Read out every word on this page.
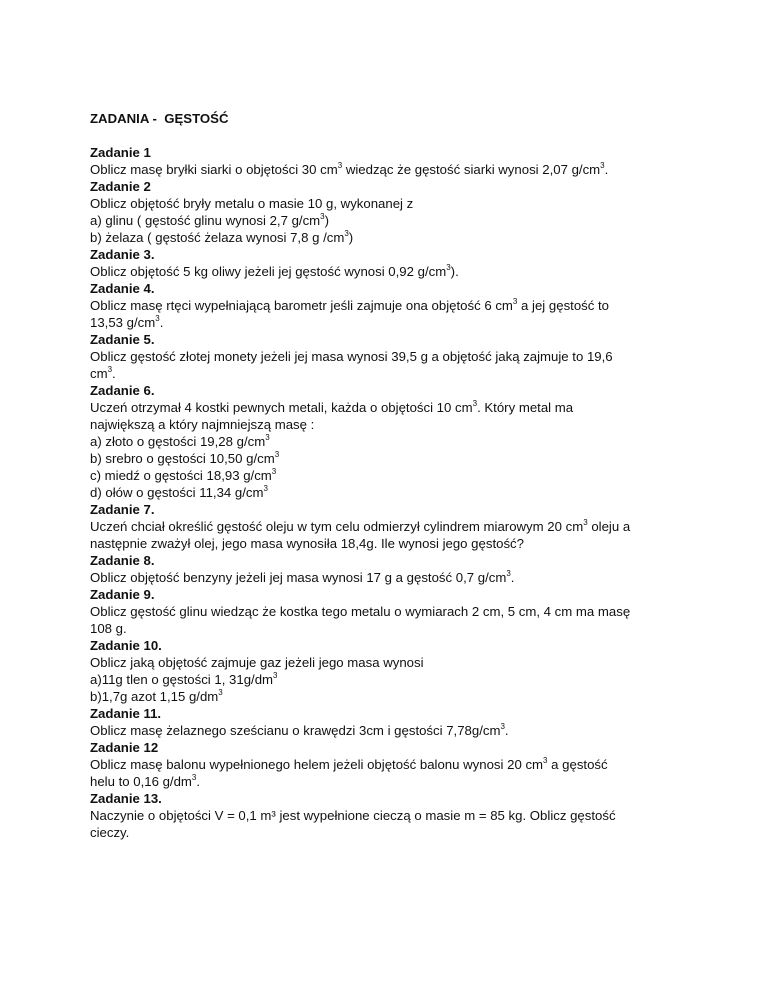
ZADANIA -  GĘSTOŚĆ
Zadanie 1
Oblicz masę bryłki siarki o objętości 30 $cm^3$ wiedząc że gęstość siarki wynosi 2,07 $g/cm^3$.
Zadanie 2
Oblicz objętość bryły metalu o masie 10 g, wykonanej z
a) glinu ( gęstość glinu wynosi 2,7 $g/cm^3$)
b) żelaza ( gęstość żelaza wynosi 7,8 g $/cm^3$)
Zadanie 3.
Oblicz objętość 5 kg oliwy jeżeli jej gęstość wynosi 0,92 $g/cm^3$).
Zadanie 4.
Oblicz masę rtęci wypełniającą barometr jeśli zajmuje ona objętość 6 $cm^3$ a jej gęstość to
13,53 $g/cm^3$.
Zadanie 5.
Oblicz gęstość złotej monety jeżeli jej masa wynosi 39,5 g a objętość jaką zajmuje to 19,6
$cm^3$.
Zadanie 6.
Uczeń otrzymał 4 kostki pewnych metali, każda o objętości 10 $cm^3$. Który metal ma
największą a który najmniejszą masę :
a) złoto o gęstości 19,28 $g/cm^3$
b) srebro o gęstości 10,50 $g/cm^3$
c) miedź o gęstości 18,93 $g/cm^3$
d) ołów o gęstości 11,34 $g/cm^3$
Zadanie 7.
Uczeń chciał określić gęstość oleju w tym celu odmierzył cylindrem miarowym 20 $cm^3$ oleju a
następnie zważył olej, jego masa wynosiła 18,4g. Ile wynosi jego gęstość?
Zadanie 8.
Oblicz objętość benzyny jeżeli jej masa wynosi 17 g a gęstość 0,7 $g/cm^3$.
Zadanie 9.
Oblicz gęstość glinu wiedząc że kostka tego metalu o wymiarach 2 cm, 5 cm, 4 cm ma masę
108 g.
Zadanie 10.
Oblicz jaką objętość zajmuje gaz jeżeli jego masa wynosi
a)11g tlen o gęstości 1, $31g/dm^3$
b)1,7g azot 1,15 $g/dm^3$
Zadanie 11.
Oblicz masę żelaznego sześcianu o krawędzi 3cm i gęstości $7,78g/cm^3$.
Zadanie 12
Oblicz masę balonu wypełnionego helem jeżeli objętość balonu wynosi 20 $cm^3$ a gęstość
helu to 0,16 $g/dm^3$.
Zadanie 13.
Naczynie o objętości V = 0,1 m³ jest wypełnione cieczą o masie m = 85 kg. Oblicz gęstość
cieczy.
